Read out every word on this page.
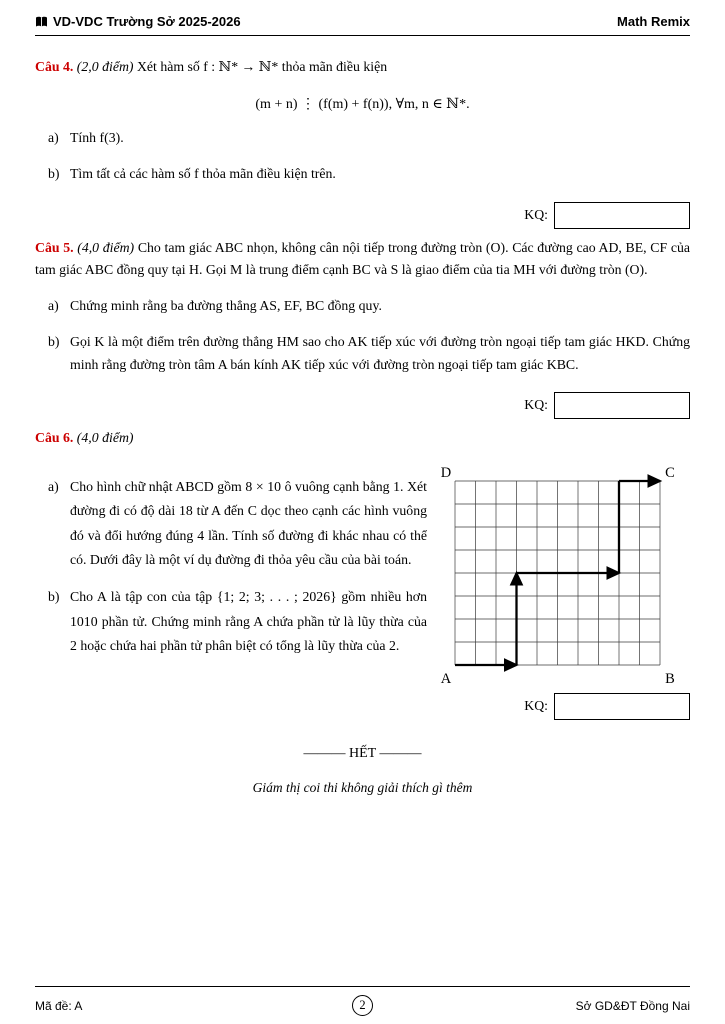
VD-VDC Trường Sở 2025-2026	Math Remix

Câu 4. (2,0 điểm) Xét hàm số f : ℕ* → ℕ* thỏa mãn điều kiện

(m + n) ⋮ (f(m) + f(n)), ∀m, n ∈ ℕ*.
a) Tính f(3).
b) Tìm tất cả các hàm số f thỏa mãn điều kiện trên.
KQ:

Câu 5. (4,0 điểm) Cho tam giác ABC nhọn, không cân nội tiếp trong đường tròn (O). Các đường cao AD, BE, CF của tam giác ABC đồng quy tại H. Gọi M là trung điểm cạnh BC và S là giao điểm của tia MH với đường tròn (O).

a) Chứng minh rằng ba đường thẳng AS, EF, BC đồng quy.
b) Gọi K là một điểm trên đường thẳng HM sao cho AK tiếp xúc với đường tròn ngoại tiếp tam giác HKD. Chứng minh rằng đường tròn tâm A bán kính AK tiếp xúc với đường tròn ngoại tiếp tam giác KBC.
KQ:

Câu 6. (4,0 điểm)

a) Cho hình chữ nhật ABCD gồm 8 × 10 ô vuông cạnh bằng 1. Xét đường đi có độ dài 18 từ A đến C dọc theo cạnh các hình vuông đó và đổi hướng đúng 4 lần. Tính số đường đi khác nhau có thể có. Dưới đây là một ví dụ đường đi thỏa yêu cầu của bài toán.
b) Cho A là tập con của tập {1; 2; 3; . . . ; 2026} gồm nhiều hơn 1010 phần tử. Chứng minh rằng A chứa phần tử là lũy thừa của 2 hoặc chứa hai phần tử phân biệt có tổng là lũy thừa của 2.
D	C
A	B
KQ:
——— HẾT ———
Giám thị coi thi không giải thích gì thêm
Mã đề: A	2	Sở GD&ĐT Đồng Nai
